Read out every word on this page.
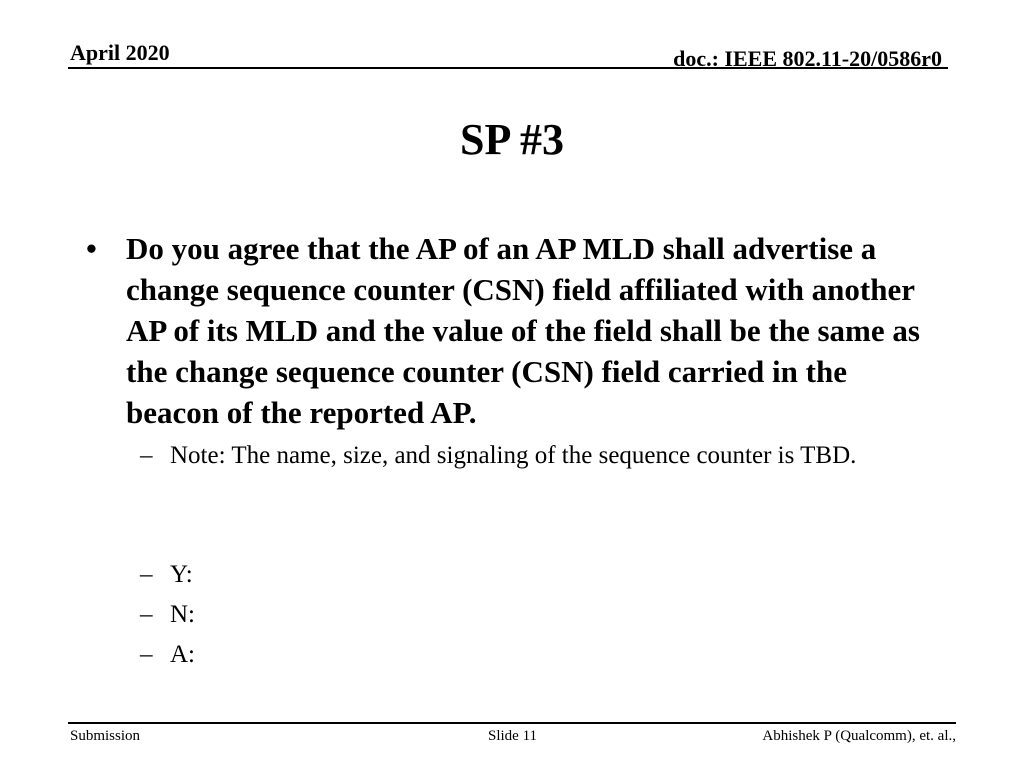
April 2020	doc.: IEEE 802.11-20/0586r0
SP #3
• Do you agree that the AP of an AP MLD shall advertise a change sequence counter (CSN) field affiliated with another AP of its MLD and the value of the field shall be the same as the change sequence counter (CSN) field carried in the beacon of the reported AP.
– Note: The name, size, and signaling of the sequence counter is TBD.
– Y:
– N:
– A:
Submission	Slide 11	Abhishek P (Qualcomm), et. al.,
